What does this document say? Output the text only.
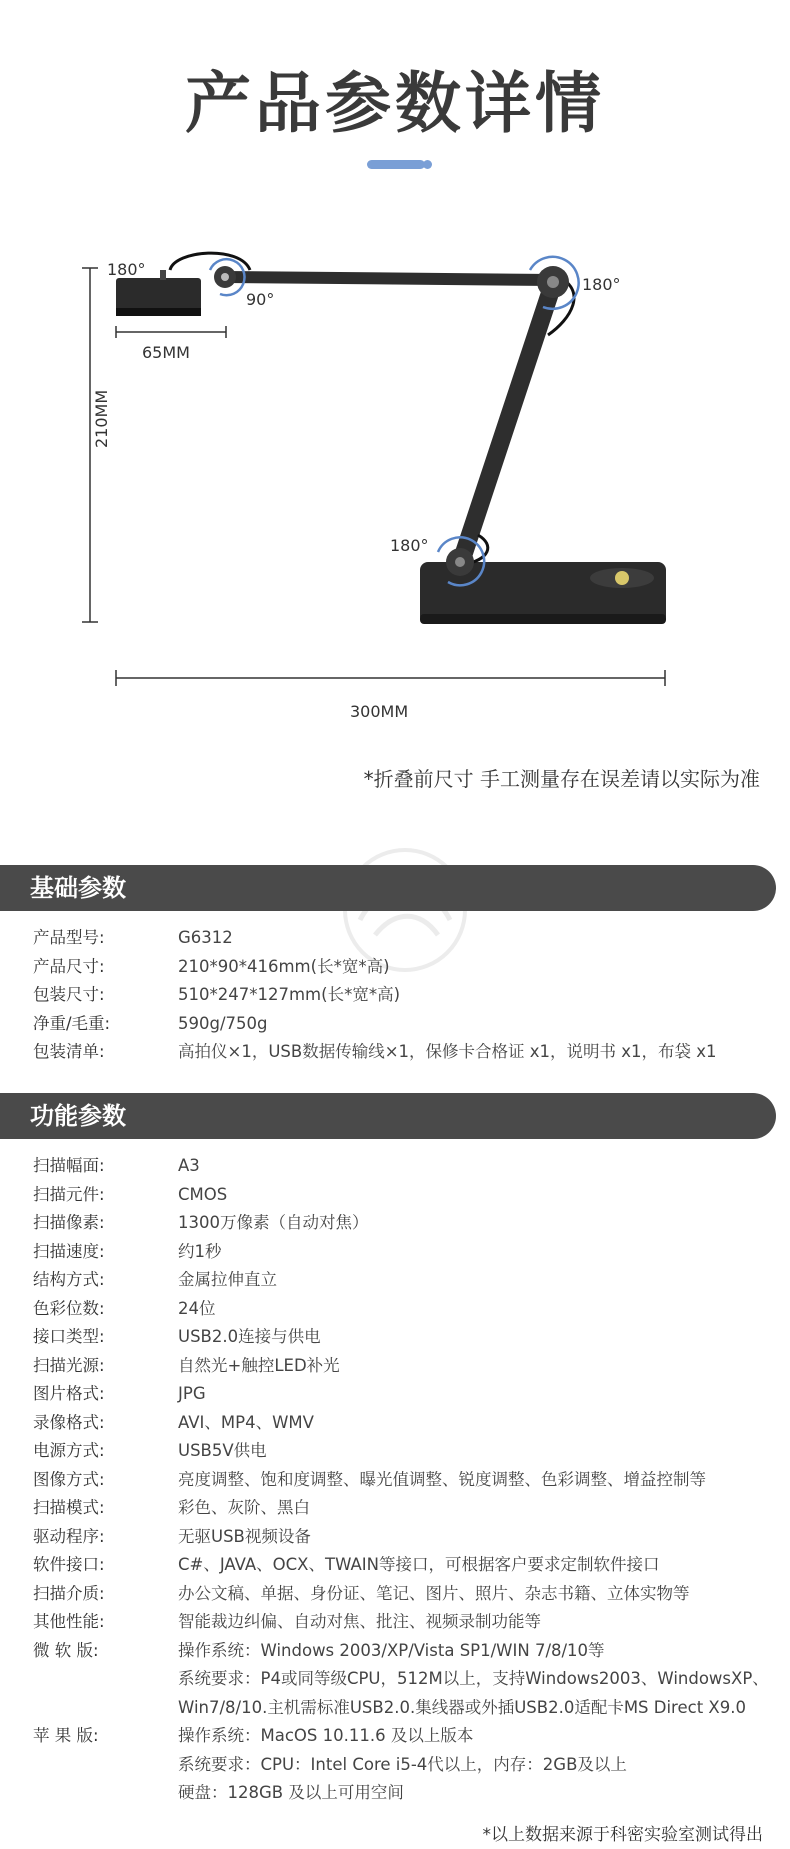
产品参数详情
180°
90°
180°
180°
65MM
210MM
300MM
*折叠前尺寸 手工测量存在误差请以实际为准
基础参数
产品型号:	G6312
产品尺寸:	210*90*416mm(长*宽*高)
包装尺寸:	510*247*127mm(长*宽*高)
净重/毛重:	590g/750g
包装清单:	高拍仪×1，USB数据传输线×1，保修卡合格证 x1，说明书 x1，布袋 x1
功能参数
扫描幅面:	A3
扫描元件:	CMOS
扫描像素:	1300万像素（自动对焦）
扫描速度:	约1秒
结构方式:	金属拉伸直立
色彩位数:	24位
接口类型:	USB2.0连接与供电
扫描光源:	自然光+触控LED补光
图片格式:	JPG
录像格式:	AVI、MP4、WMV
电源方式:	USB5V供电
图像方式:	亮度调整、饱和度调整、曝光值调整、锐度调整、色彩调整、增益控制等
扫描模式:	彩色、灰阶、黑白
驱动程序:	无驱USB视频设备
软件接口:	C#、JAVA、OCX、TWAIN等接口，可根据客户要求定制软件接口
扫描介质:	办公文稿、单据、身份证、笔记、图片、照片、杂志书籍、立体实物等
其他性能:	智能裁边纠偏、自动对焦、批注、视频录制功能等
微 软 版:	操作系统：Windows 2003/XP/Vista SP1/WIN 7/8/10等
系统要求：P4或同等级CPU，512M以上，支持Windows2003、WindowsXP、
Win7/8/10.主机需标准USB2.0.集线器或外插USB2.0适配卡MS Direct X9.0
苹 果 版:	操作系统：MacOS 10.11.6 及以上版本
系统要求：CPU：Intel Core i5-4代以上，内存：2GB及以上
硬盘：128GB 及以上可用空间
*以上数据来源于科密实验室测试得出
